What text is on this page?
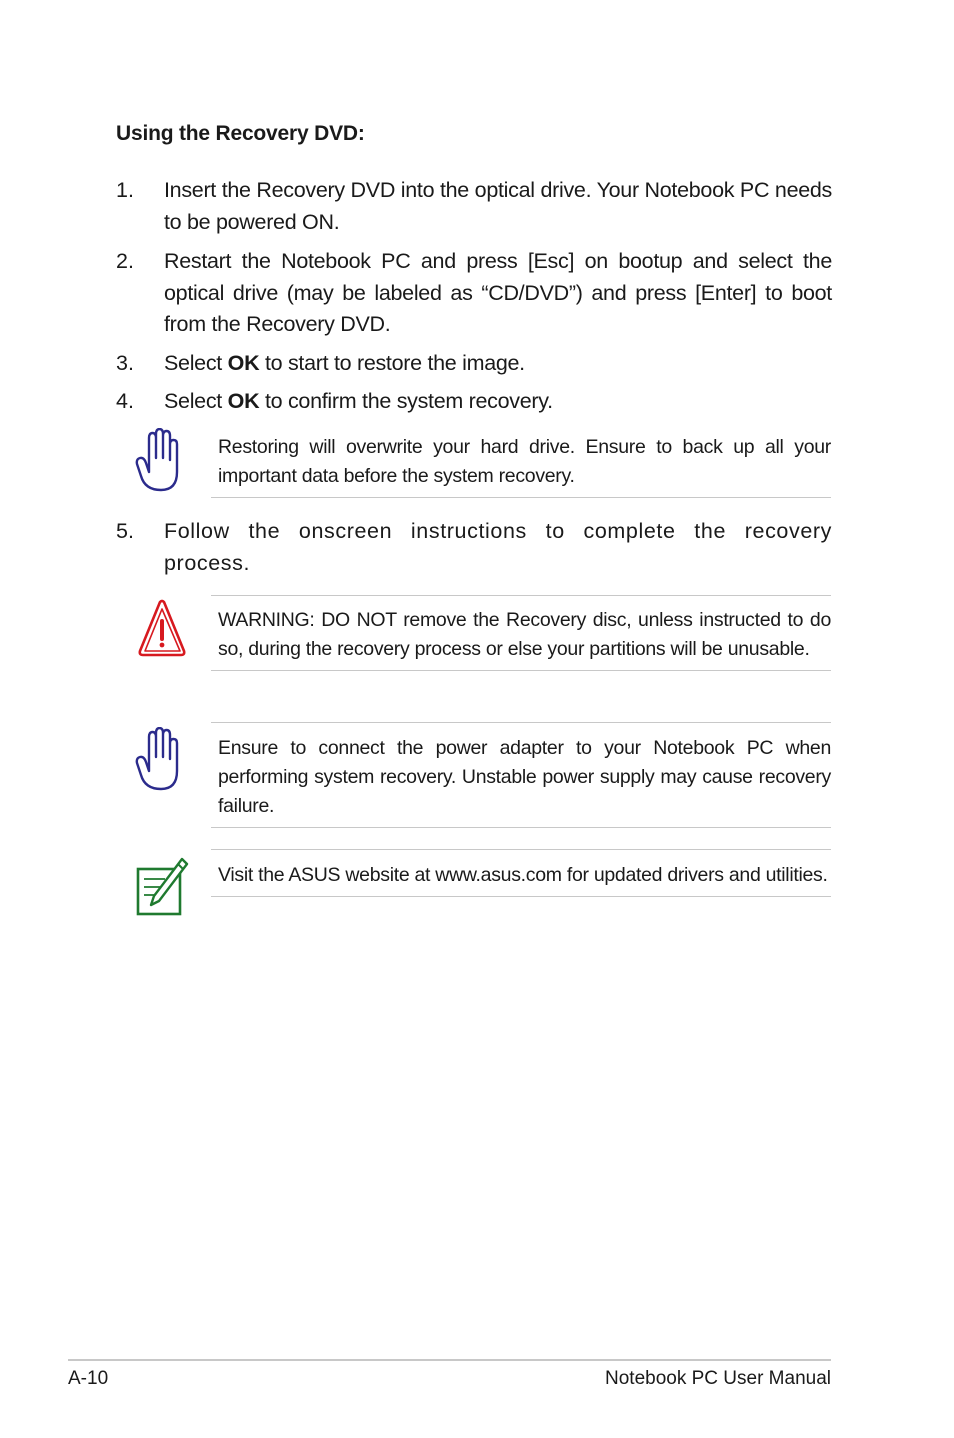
Using the Recovery DVD:
1. Insert the Recovery DVD into the optical drive. Your Notebook PC needs to be powered ON.
2. Restart the Notebook PC and press [Esc] on bootup and select the optical drive (may be labeled as “CD/DVD”) and press [Enter] to boot from the Recovery DVD.
3. Select OK to start to restore the image.
4. Select OK to confirm the system recovery.
Restoring will overwrite your hard drive. Ensure to back up all your important data before the system recovery.
5. Follow the onscreen instructions to complete the recovery process.
WARNING: DO NOT remove the Recovery disc, unless instructed to do so, during the recovery process or else your partitions will be unusable.
Ensure to connect the power adapter to your Notebook PC when performing system recovery. Unstable power supply may cause recovery failure.
Visit the ASUS website at www.asus.com for updated drivers and utilities.
A-10	Notebook PC User Manual
